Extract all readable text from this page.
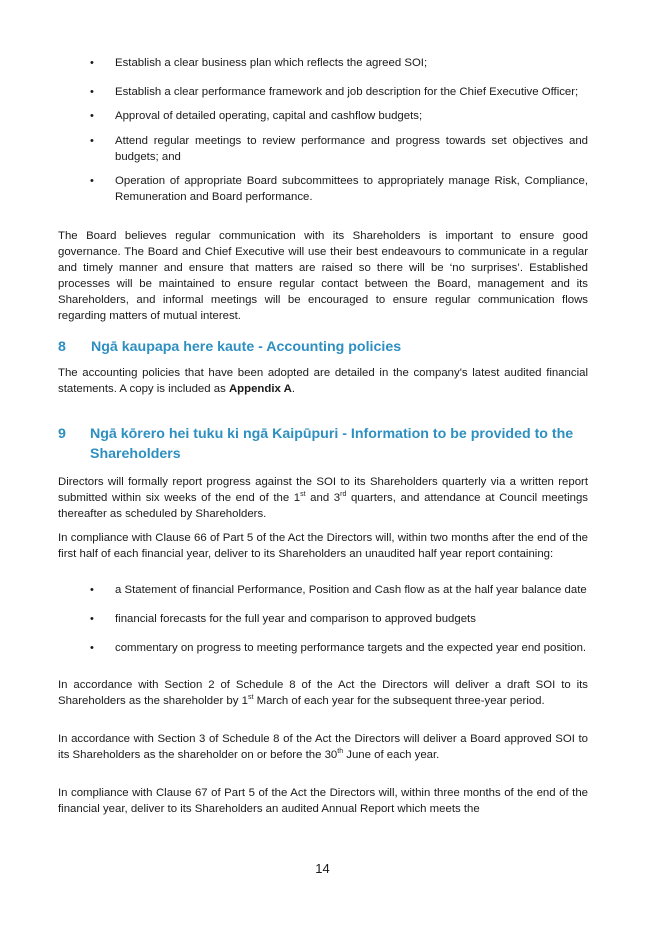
• Establish a clear business plan which reflects the agreed SOI;
• Establish a clear performance framework and job description for the Chief Executive Officer;
• Approval of detailed operating, capital and cashflow budgets;
• Attend regular meetings to review performance and progress towards set objectives and budgets; and
• Operation of appropriate Board subcommittees to appropriately manage Risk, Compliance, Remuneration and Board performance.

The Board believes regular communication with its Shareholders is important to ensure good governance. The Board and Chief Executive will use their best endeavours to communicate in a regular and timely manner and ensure that matters are raised so there will be ‘no surprises’. Established processes will be maintained to ensure regular contact between the Board, management and its Shareholders, and informal meetings will be encouraged to ensure regular communication flows regarding matters of mutual interest.

8	Ngā kaupapa here kaute - Accounting policies

The accounting policies that have been adopted are detailed in the company's latest audited financial statements. A copy is included as Appendix A.

9	Ngā kōrero hei tuku ki ngā Kaipūpuri - Information to be provided to the Shareholders

Directors will formally report progress against the SOI to its Shareholders quarterly via a written report submitted within six weeks of the end of the 1st and 3rd quarters, and attendance at Council meetings thereafter as scheduled by Shareholders.

In compliance with Clause 66 of Part 5 of the Act the Directors will, within two months after the end of the first half of each financial year, deliver to its Shareholders an unaudited half year report containing:

• a Statement of financial Performance, Position and Cash flow as at the half year balance date
• financial forecasts for the full year and comparison to approved budgets
• commentary on progress to meeting performance targets and the expected year end position.

In accordance with Section 2 of Schedule 8 of the Act the Directors will deliver a draft SOI to its Shareholders as the shareholder by 1st March of each year for the subsequent three-year period.

In accordance with Section 3 of Schedule 8 of the Act the Directors will deliver a Board approved SOI to its Shareholders as the shareholder on or before the 30th June of each year.

In compliance with Clause 67 of Part 5 of the Act the Directors will, within three months of the end of the financial year, deliver to its Shareholders an audited Annual Report which meets the

14
